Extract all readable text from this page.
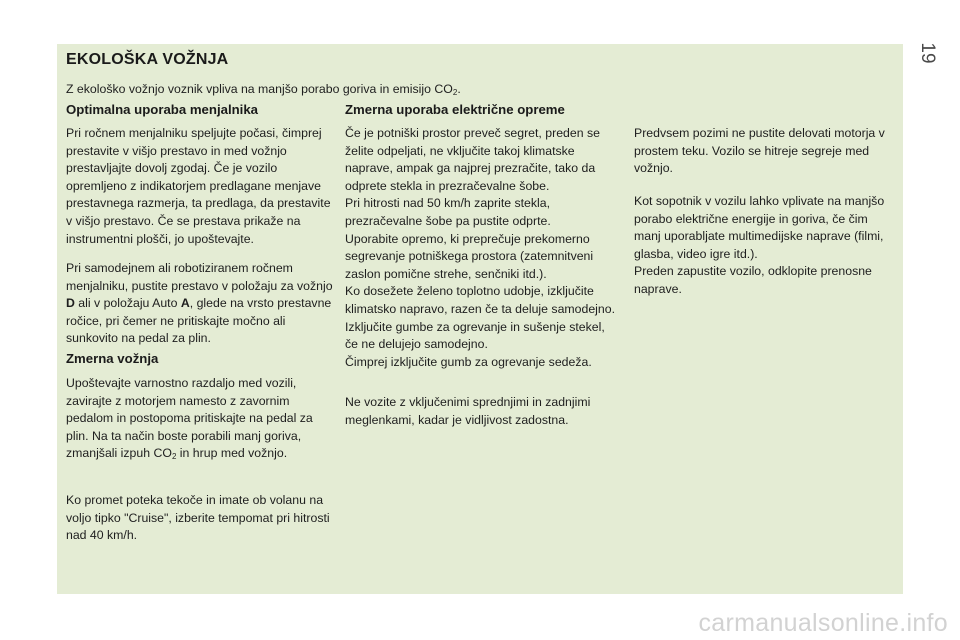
19
EKOLOŠKA VOŽNJA
Z ekološko vožnjo voznik vpliva na manjšo porabo goriva in emisijo $CO_2$.
Optimalna uporaba menjalnika

Pri ročnem menjalniku speljujte počasi, čimprej prestavite v višjo prestavo in med vožnjo prestavljajte dovolj zgodaj. Če je vozilo opremljeno z indikatorjem predlagane menjave prestavnega razmerja, ta predlaga, da prestavite v višjo prestavo. Če se prestava prikaže na instrumentni plošči, jo upoštevajte.

Pri samodejnem ali robotiziranem ročnem menjalniku, pustite prestavo v položaju za vožnjo D ali v položaju Auto A, glede na vrsto prestavne ročice, pri čemer ne pritiskajte močno ali sunkovito na pedal za plin.

Zmerna vožnja

Upoštevajte varnostno razdaljo med vozili, zavirajte z motorjem namesto z zavornim pedalom in postopoma pritiskajte na pedal za plin. Na ta način boste porabili manj goriva, zmanjšali izpuh $CO_2$ in hrup med vožnjo.

Ko promet poteka tekoče in imate ob volanu na voljo tipko "Cruise", izberite tempomat pri hitrosti nad 40 km/h.

Zmerna uporaba električne opreme
Če je potniški prostor preveč segret, preden se želite odpeljati, ne vključite takoj klimatske naprave, ampak ga najprej prezračite, tako da odprete stekla in prezračevalne šobe.
Pri hitrosti nad 50 km/h zaprite stekla, prezračevalne šobe pa pustite odprte.
Uporabite opremo, ki preprečuje prekomerno segrevanje potniškega prostora (zatemnitveni zaslon pomične strehe, senčniki itd.).
Ko dosežete želeno toplotno udobje, izključite klimatsko napravo, razen če ta deluje samodejno.
Izključite gumbe za ogrevanje in sušenje stekel, če ne delujejo samodejno.
Čimprej izključite gumb za ogrevanje sedeža.

Ne vozite z vključenimi sprednjimi in zadnjimi meglenkami, kadar je vidljivost zadostna.

Predvsem pozimi ne pustite delovati motorja v prostem teku. Vozilo se hitreje segreje med vožnjo.

Kot sopotnik v vozilu lahko vplivate na manjšo porabo električne energije in goriva, če čim manj uporabljate multimedijske naprave (filmi, glasba, video igre itd.).
Preden zapustite vozilo, odklopite prenosne naprave.
carmanualsonline.info
